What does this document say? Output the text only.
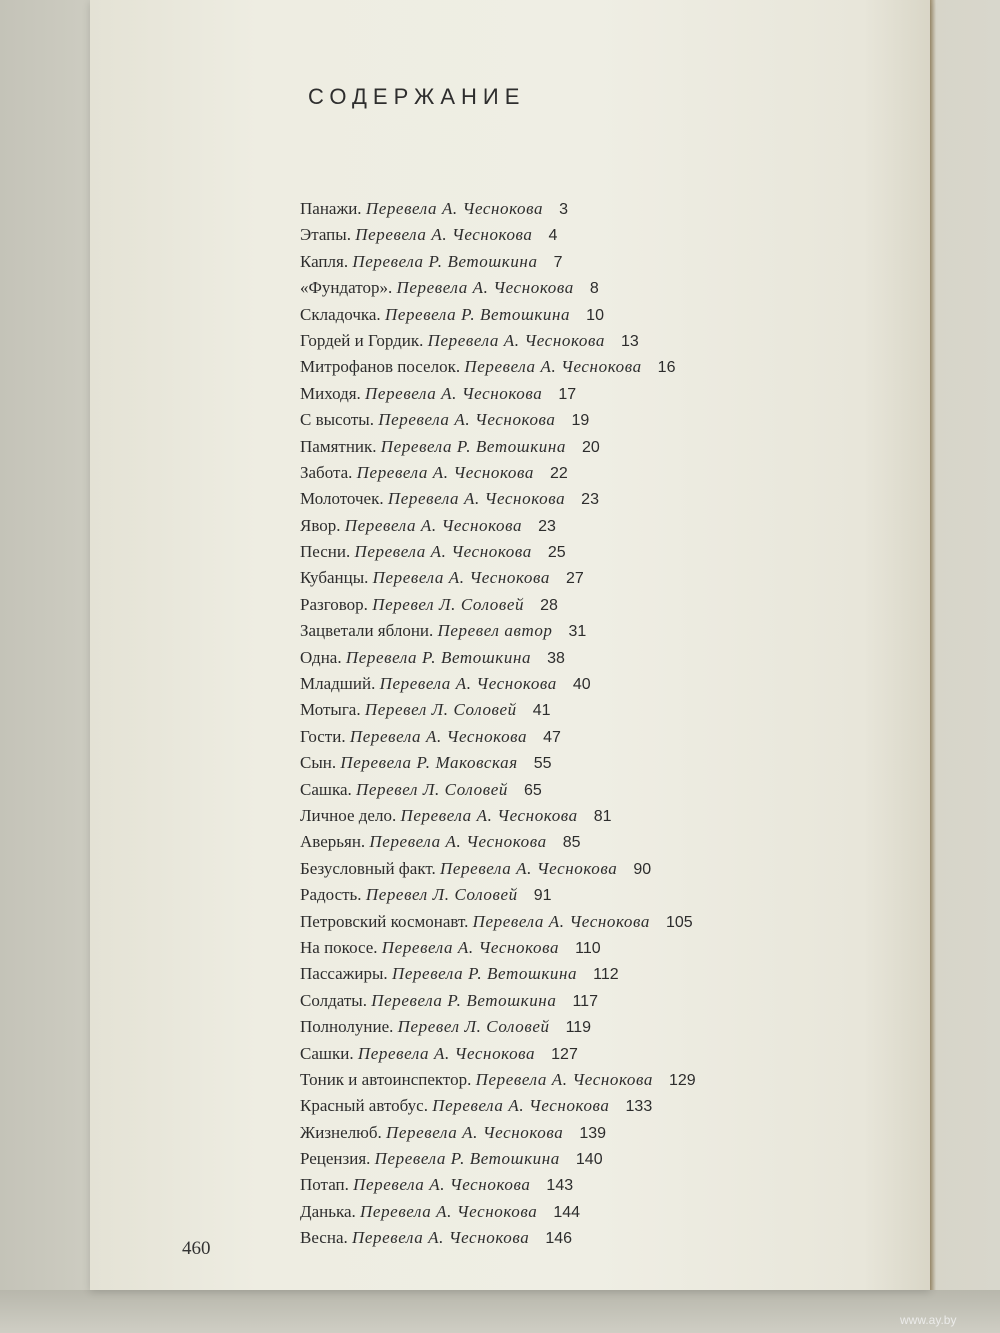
СОДЕРЖАНИЕ
Панажи. Перевела А. Чеснокова 3
Этапы. Перевела А. Чеснокова 4
Капля. Перевела Р. Ветошкина 7
«Фундатор». Перевела А. Чеснокова 8
Складочка. Перевела Р. Ветошкина 10
Гордей и Гордик. Перевела А. Чеснокова 13
Митрофанов поселок. Перевела А. Чеснокова 16
Миходя. Перевела А. Чеснокова 17
С высоты. Перевела А. Чеснокова 19
Памятник. Перевела Р. Ветошкина 20
Забота. Перевела А. Чеснокова 22
Молоточек. Перевела А. Чеснокова 23
Явор. Перевела А. Чеснокова 23
Песни. Перевела А. Чеснокова 25
Кубанцы. Перевела А. Чеснокова 27
Разговор. Перевел Л. Соловей 28
Зацветали яблони. Перевел автор 31
Одна. Перевела Р. Ветошкина 38
Младший. Перевела А. Чеснокова 40
Мотыга. Перевел Л. Соловей 41
Гости. Перевела А. Чеснокова 47
Сын. Перевела Р. Маковская 55
Сашка. Перевел Л. Соловей 65
Личное дело. Перевела А. Чеснокова 81
Аверьян. Перевела А. Чеснокова 85
Безусловный факт. Перевела А. Чеснокова 90
Радость. Перевел Л. Соловей 91
Петровский космонавт. Перевела А. Чеснокова 105
На покосе. Перевела А. Чеснокова 110
Пассажиры. Перевела Р. Ветошкина 112
Солдаты. Перевела Р. Ветошкина 117
Полнолуние. Перевел Л. Соловей 119
Сашки. Перевела А. Чеснокова 127
Тоник и автоинспектор. Перевела А. Чеснокова 129
Красный автобус. Перевела А. Чеснокова 133
Жизнелюб. Перевела А. Чеснокова 139
Рецензия. Перевела Р. Ветошкина 140
Потап. Перевела А. Чеснокова 143
Данька. Перевела А. Чеснокова 144
Весна. Перевела А. Чеснокова 146
460
www.ay.by
